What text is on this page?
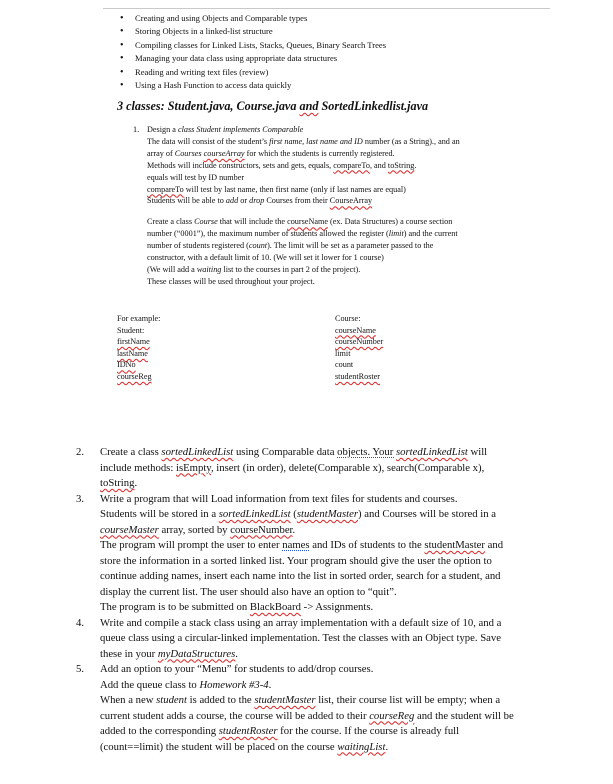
• Creating and using Objects and Comparable types
• Storing Objects in a linked-list structure
• Compiling classes for Linked Lists, Stacks, Queues, Binary Search Trees
• Managing your data class using appropriate data structures
• Reading and writing text files (review)
• Using a Hash Function to access data quickly
3 classes: Student.java, Course.java and SortedLinkedlist.java
1. Design a class Student implements Comparable
The data will consist of the student’s first name, last name and ID number (as a String)., and an
array of Courses courseArray for which the students is currently registered.
Methods will include constructors, sets and gets, equals, compareTo, and toString.
equals will test by ID number
compareTo will test by last name, then first name (only if last names are equal)
Students will be able to add or drop Courses from their CourseArray
Create a class Course that will include the courseName (ex. Data Structures) a course section
number (“0001”), the maximum number of students allowed the register (limit) and the current
number of students registered (count). The limit will be set as a parameter passed to the
constructor, with a default limit of 10. (We will set it lower for 1 course)
(We will add a waiting list to the courses in part 2 of the project).
These classes will be used throughout your project.
For example:
Student:
firstName
lastName
IDNo
courseReg
Course:
courseName
courseNumber
limit
count
studentRoster
2. Create a class sortedLinkedList using Comparable data objects. Your sortedLinkedList will
include methods: isEmpty, insert (in order), delete(Comparable x), search(Comparable x),
toString.
3. Write a program that will Load information from text files for students and courses.
Students will be stored in a sortedLinkedList (studentMaster) and Courses will be stored in a
courseMaster array, sorted by courseNumber.
The program will prompt the user to enter names and IDs of students to the studentMaster and
store the information in a sorted linked list. Your program should give the user the option to
continue adding names, insert each name into the list in sorted order, search for a student, and
display the current list. The user should also have an option to “quit”.
The program is to be submitted on BlackBoard -> Assignments.
4. Write and compile a stack class using an array implementation with a default size of 10, and a
queue class using a circular-linked implementation. Test the classes with an Object type. Save
these in your myDataStructures.
5. Add an option to your “Menu” for students to add/drop courses.
Add the queue class to Homework #3-4.
When a new student is added to the studentMaster list, their course list will be empty; when a
current student adds a course, the course will be added to their courseReg and the student will be
added to the corresponding studentRoster for the course. If the course is already full
(count==limit) the student will be placed on the course waitingList.
